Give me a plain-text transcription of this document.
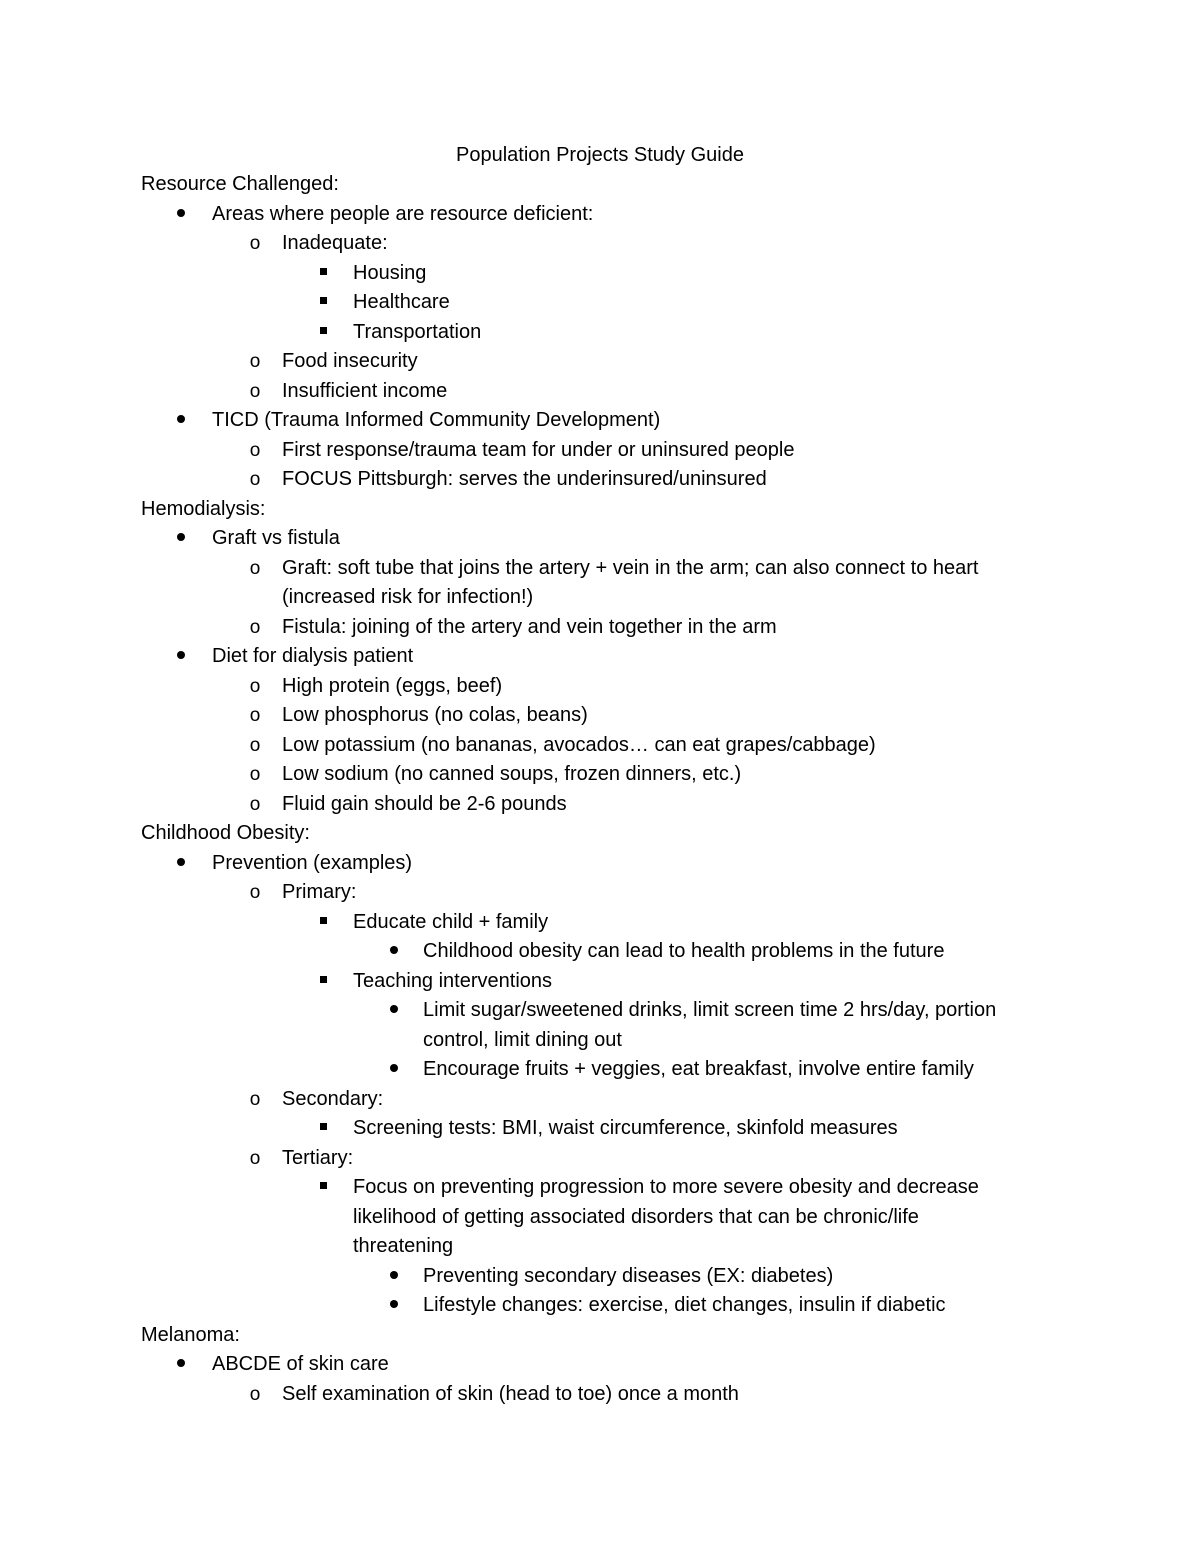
Population Projects Study Guide
Resource Challenged:
Areas where people are resource deficient:
o Inadequate:
Housing
Healthcare
Transportation
o Food insecurity
o Insufficient income
TICD (Trauma Informed Community Development)
o First response/trauma team for under or uninsured people
o FOCUS Pittsburgh: serves the underinsured/uninsured
Hemodialysis:
Graft vs fistula
o Graft: soft tube that joins the artery + vein in the arm; can also connect to heart
(increased risk for infection!)
o Fistula: joining of the artery and vein together in the arm
Diet for dialysis patient
o High protein (eggs, beef)
o Low phosphorus (no colas, beans)
o Low potassium (no bananas, avocados… can eat grapes/cabbage)
o Low sodium (no canned soups, frozen dinners, etc.)
o Fluid gain should be 2-6 pounds
Childhood Obesity:
Prevention (examples)
o Primary:
Educate child + family
Childhood obesity can lead to health problems in the future
Teaching interventions
Limit sugar/sweetened drinks, limit screen time 2 hrs/day, portion
control, limit dining out
Encourage fruits + veggies, eat breakfast, involve entire family
o Secondary:
Screening tests: BMI, waist circumference, skinfold measures
o Tertiary:
Focus on preventing progression to more severe obesity and decrease
likelihood of getting associated disorders that can be chronic/life
threatening
Preventing secondary diseases (EX: diabetes)
Lifestyle changes: exercise, diet changes, insulin if diabetic
Melanoma:
ABCDE of skin care
o Self examination of skin (head to toe) once a month
